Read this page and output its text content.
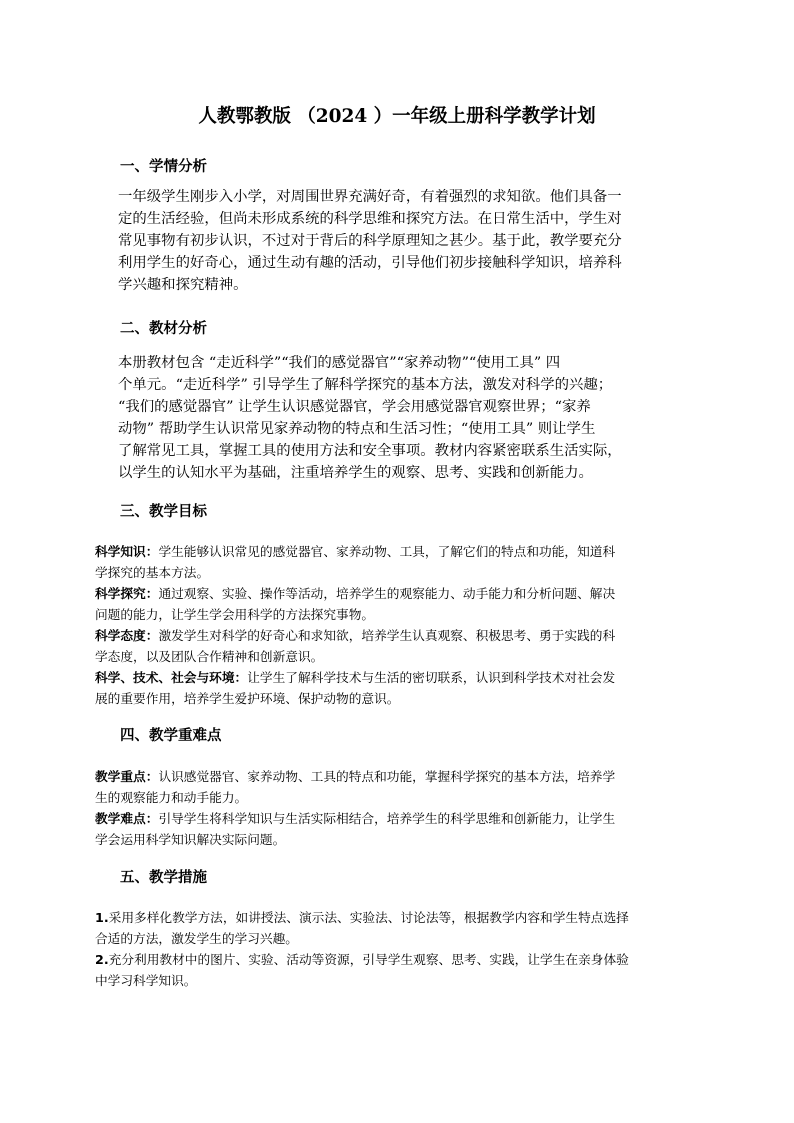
人教鄂教版 （2024 ）一年级上册科学教学计划
一、学情分析
一年级学生刚步入小学，对周围世界充满好奇，有着强烈的求知欲。他们具备一
定的生活经验，但尚未形成系统的科学思维和探究方法。在日常生活中，学生对
常见事物有初步认识，不过对于背后的科学原理知之甚少。基于此，教学要充分
利用学生的好奇心，通过生动有趣的活动，引导他们初步接触科学知识，培养科
学兴趣和探究精神。
二、教材分析
本册教材包含 “走近科学”“我们的感觉器官”“家养动物”“使用工具” 四
个单元。“走近科学” 引导学生了解科学探究的基本方法，激发对科学的兴趣；
“我们的感觉器官” 让学生认识感觉器官，学会用感觉器官观察世界；“家养
动物” 帮助学生认识常见家养动物的特点和生活习性；“使用工具” 则让学生
了解常见工具，掌握工具的使用方法和安全事项。教材内容紧密联系生活实际，
以学生的认知水平为基础，注重培养学生的观察、思考、实践和创新能力。
三、教学目标
科学知识：学生能够认识常见的感觉器官、家养动物、工具，了解它们的特点和功能，知道科
学探究的基本方法。
科学探究：通过观察、实验、操作等活动，培养学生的观察能力、动手能力和分析问题、解决
问题的能力，让学生学会用科学的方法探究事物。
科学态度：激发学生对科学的好奇心和求知欲，培养学生认真观察、积极思考、勇于实践的科
学态度，以及团队合作精神和创新意识。
科学、技术、社会与环境：让学生了解科学技术与生活的密切联系，认识到科学技术对社会发
展的重要作用，培养学生爱护环境、保护动物的意识。
四、教学重难点
教学重点：认识感觉器官、家养动物、工具的特点和功能，掌握科学探究的基本方法，培养学
生的观察能力和动手能力。
教学难点：引导学生将科学知识与生活实际相结合，培养学生的科学思维和创新能力，让学生
学会运用科学知识解决实际问题。
五、教学措施
1.采用多样化教学方法，如讲授法、演示法、实验法、讨论法等，根据教学内容和学生特点选择
合适的方法，激发学生的学习兴趣。
2.充分利用教材中的图片、实验、活动等资源，引导学生观察、思考、实践，让学生在亲身体验
中学习科学知识。
